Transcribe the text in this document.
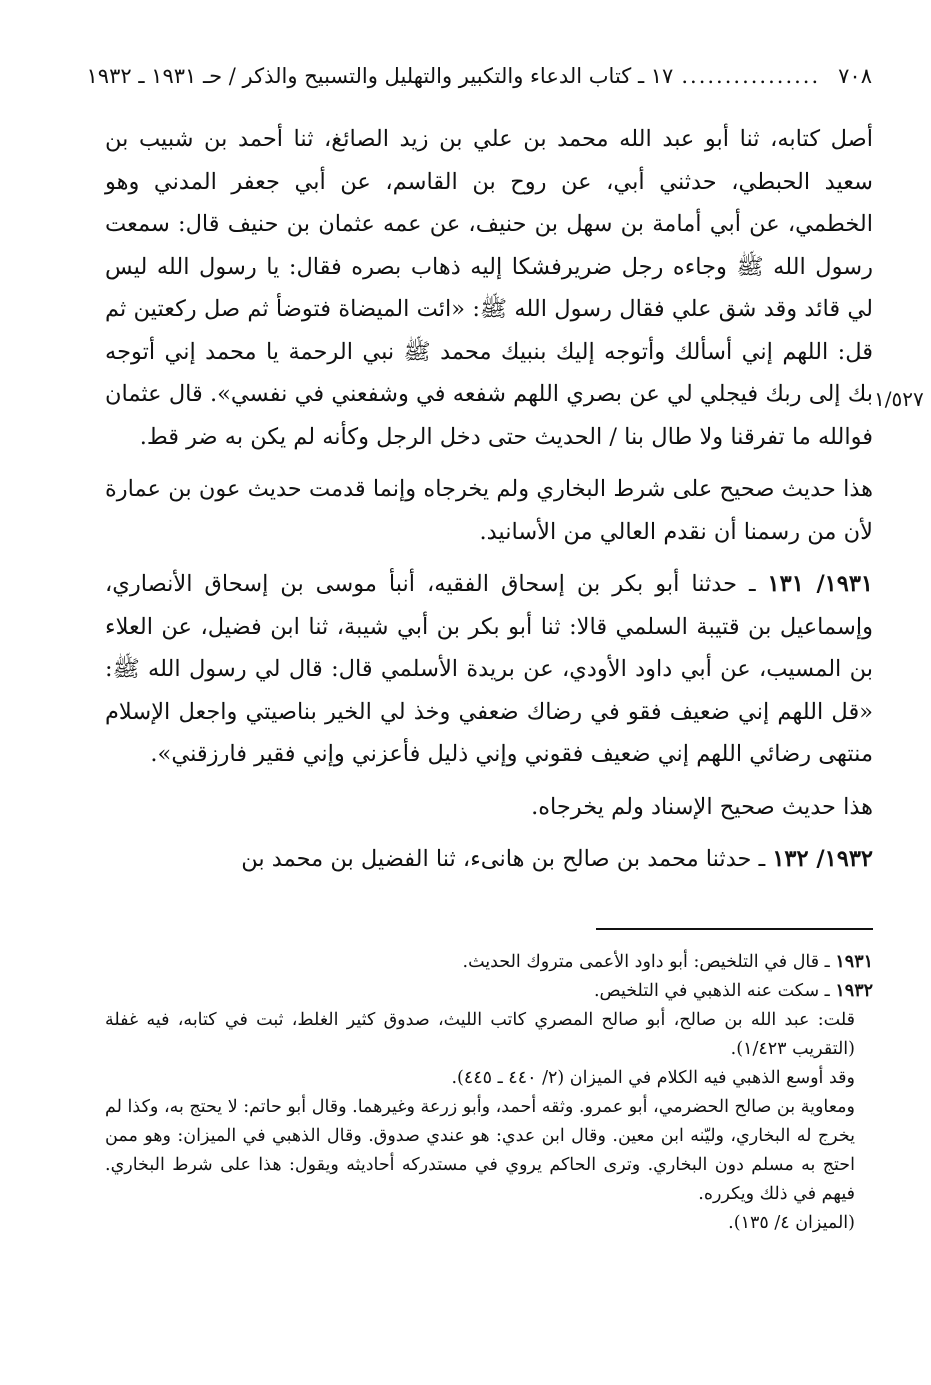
٧٠٨
................
١٧ ـ كتاب الدعاء والتكبير والتهليل والتسبيح والذكر / حـ ١٩٣١ ـ ١٩٣٢
١/٥٢٧

أصل كتابه، ثنا أبو عبد الله محمد بن علي بن زيد الصائغ، ثنا أحمد بن شبيب بن سعيد الحبطي، حدثني أبي، عن روح بن القاسم، عن أبي جعفر المدني وهو الخطمي، عن أبي أمامة بن سهل بن حنيف، عن عمه عثمان بن حنيف قال: سمعت رسول الله ﷺ وجاءه رجل ضريرفشكا إليه ذهاب بصره فقال: يا رسول الله ليس لي قائد وقد شق علي فقال رسول الله ﷺ: «ائت الميضاة فتوضأ ثم صل ركعتين ثم قل: اللهم إني أسألك وأتوجه إليك بنبيك محمد ﷺ نبي الرحمة يا محمد إني أتوجه بك إلى ربك فيجلي لي عن بصري اللهم شفعه في وشفعني في نفسي». قال عثمان فوالله ما تفرقنا ولا طال بنا / الحديث حتى دخل الرجل وكأنه لم يكن به ضر قط.

هذا حديث صحيح على شرط البخاري ولم يخرجاه وإنما قدمت حديث عون بن عمارة لأن من رسمنا أن نقدم العالي من الأسانيد.

١٩٣١/ ١٣١ ـ حدثنا أبو بكر بن إسحاق الفقيه، أنبأ موسى بن إسحاق الأنصاري، وإسماعيل بن قتيبة السلمي قالا: ثنا أبو بكر بن أبي شيبة، ثنا ابن فضيل، عن العلاء بن المسيب، عن أبي داود الأودي، عن بريدة الأسلمي قال: قال لي رسول الله ﷺ: «قل اللهم إني ضعيف فقو في رضاك ضعفي وخذ لي الخير بناصيتي واجعل الإسلام منتهى رضائي اللهم إني ضعيف فقوني وإني ذليل فأعزني وإني فقير فارزقني».

هذا حديث صحيح الإسناد ولم يخرجاه.

١٩٣٢/ ١٣٢ ـ حدثنا محمد بن صالح بن هانىء، ثنا الفضيل بن محمد بن

١٩٣١ ـ قال في التلخيص: أبو داود الأعمى متروك الحديث.

١٩٣٢ ـ سكت عنه الذهبي في التلخيص.

قلت: عبد الله بن صالح، أبو صالح المصري كاتب الليث، صدوق كثير الغلط، ثبت في كتابه، فيه غفلة (التقريب ١/٤٢٣).

وقد أوسع الذهبي فيه الكلام في الميزان (٢/ ٤٤٠ ـ ٤٤٥).

ومعاوية بن صالح الحضرمي، أبو عمرو. وثقه أحمد، وأبو زرعة وغيرهما. وقال أبو حاتم: لا يحتج به، وكذا لم يخرج له البخاري، وليّنه ابن معين. وقال ابن عدي: هو عندي صدوق. وقال الذهبي في الميزان: وهو ممن احتج به مسلم دون البخاري. وترى الحاكم يروي في مستدركه أحاديثه ويقول: هذا على شرط البخاري. فيهم في ذلك ويكرره.

(الميزان ٤/ ١٣٥).
